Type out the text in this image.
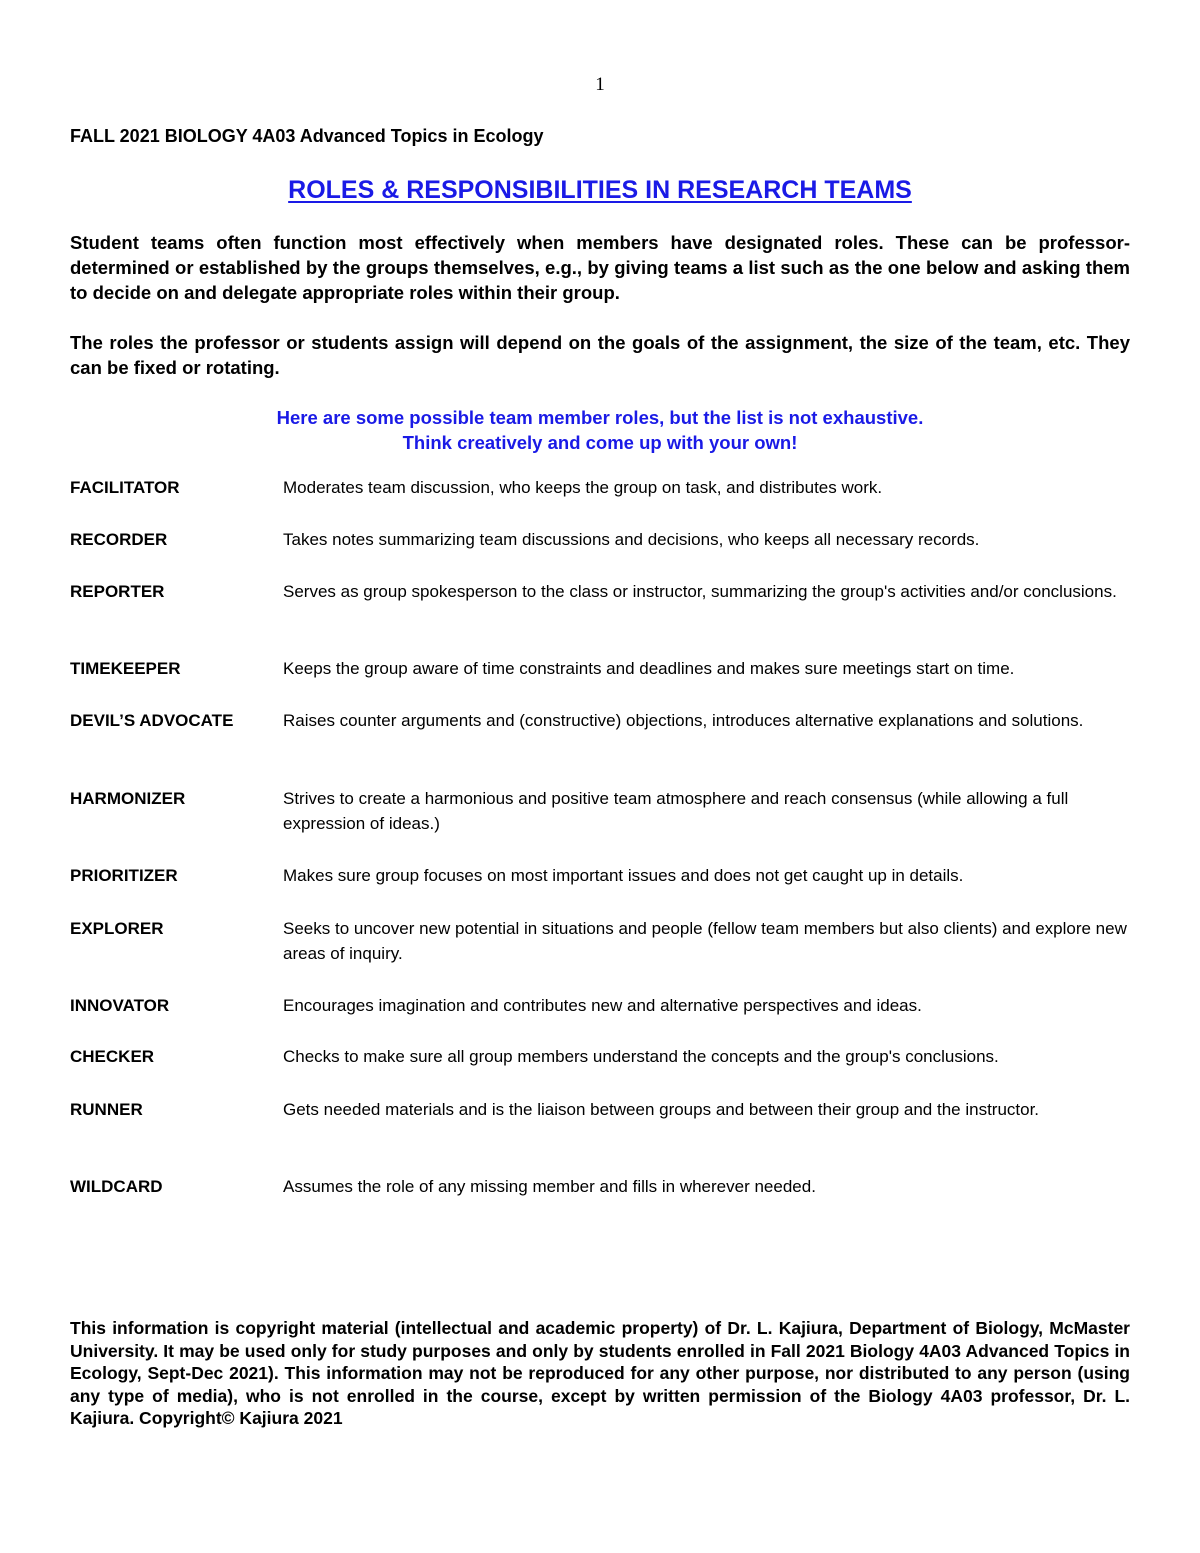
1
FALL 2021 BIOLOGY 4A03 Advanced Topics in Ecology
ROLES & RESPONSIBILITIES IN RESEARCH TEAMS
Student teams often function most effectively when members have designated roles. These can be professor-determined or established by the groups themselves, e.g., by giving teams a list such as the one below and asking them to decide on and delegate appropriate roles within their group.
The roles the professor or students assign will depend on the goals of the assignment, the size of the team, etc. They can be fixed or rotating.
Here are some possible team member roles, but the list is not exhaustive.
Think creatively and come up with your own!
FACILITATOR	Moderates team discussion, who keeps the group on task, and distributes work.
RECORDER	Takes notes summarizing team discussions and decisions, who keeps all necessary records.
REPORTER	Serves as group spokesperson to the class or instructor, summarizing the group's activities and/or conclusions.
TIMEKEEPER	Keeps the group aware of time constraints and deadlines and makes sure meetings start on time.
DEVIL’S ADVOCATE	Raises counter arguments and (constructive) objections, introduces alternative explanations and solutions.
HARMONIZER	Strives to create a harmonious and positive team atmosphere and reach consensus (while allowing a full expression of ideas.)
PRIORITIZER	Makes sure group focuses on most important issues and does not get caught up in details.
EXPLORER	Seeks to uncover new potential in situations and people (fellow team members but also clients) and explore new areas of inquiry.
INNOVATOR	Encourages imagination and contributes new and alternative perspectives and ideas.
CHECKER	Checks to make sure all group members understand the concepts and the group's conclusions.
RUNNER	Gets needed materials and is the liaison between groups and between their group and the instructor.
WILDCARD	Assumes the role of any missing member and fills in wherever needed.
This information is copyright material (intellectual and academic property) of Dr. L. Kajiura, Department of Biology, McMaster University. It may be used only for study purposes and only by students enrolled in Fall 2021 Biology 4A03 Advanced Topics in Ecology, Sept-Dec 2021). This information may not be reproduced for any other purpose, nor distributed to any person (using any type of media), who is not enrolled in the course, except by written permission of the Biology 4A03 professor, Dr. L. Kajiura. Copyright© Kajiura 2021
